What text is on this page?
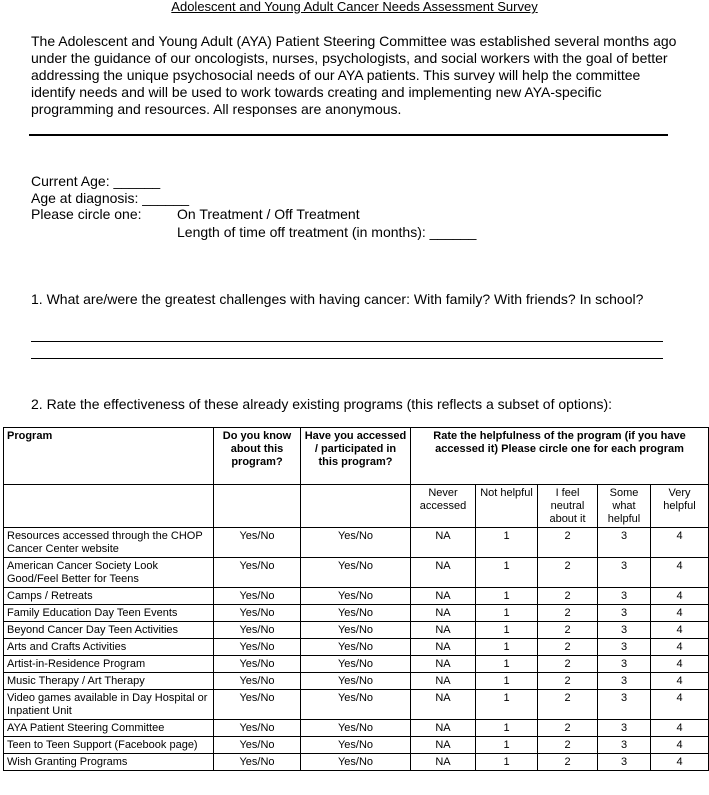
Adolescent and Young Adult Cancer Needs Assessment Survey
The Adolescent and Young Adult (AYA) Patient Steering Committee was established several months ago under the guidance of our oncologists, nurses, psychologists, and social workers with the goal of better addressing the unique psychosocial needs of our AYA patients. This survey will help the committee identify needs and will be used to work towards creating and implementing new AYA-specific programming and resources. All responses are anonymous.
Current Age: ______
Age at diagnosis: ______
Please circle one:	On Treatment / Off Treatment
Length of time off treatment (in months): ______
1. What are/were the greatest challenges with having cancer: With family? With friends? In school?
2. Rate the effectiveness of these already existing programs (this reflects a subset of options):
Program	Do you know about this program?	Have you accessed / participated in this program?	Rate the helpfulness of the program (if you have accessed it) Please circle one for each program				
			Never accessed	Not helpful	I feel neutral about it	Some what helpful	Very helpful
Resources accessed through the CHOP Cancer Center website	Yes/No	Yes/No	NA	1	2	3	4
American Cancer Society Look Good/Feel Better for Teens	Yes/No	Yes/No	NA	1	2	3	4
Camps / Retreats	Yes/No	Yes/No	NA	1	2	3	4
Family Education Day Teen Events	Yes/No	Yes/No	NA	1	2	3	4
Beyond Cancer Day Teen Activities	Yes/No	Yes/No	NA	1	2	3	4
Arts and Crafts Activities	Yes/No	Yes/No	NA	1	2	3	4
Artist-in-Residence Program	Yes/No	Yes/No	NA	1	2	3	4
Music Therapy / Art Therapy	Yes/No	Yes/No	NA	1	2	3	4
Video games available in Day Hospital or Inpatient Unit	Yes/No	Yes/No	NA	1	2	3	4
AYA Patient Steering Committee	Yes/No	Yes/No	NA	1	2	3	4
Teen to Teen Support (Facebook page)	Yes/No	Yes/No	NA	1	2	3	4
Wish Granting Programs	Yes/No	Yes/No	NA	1	2	3	4
